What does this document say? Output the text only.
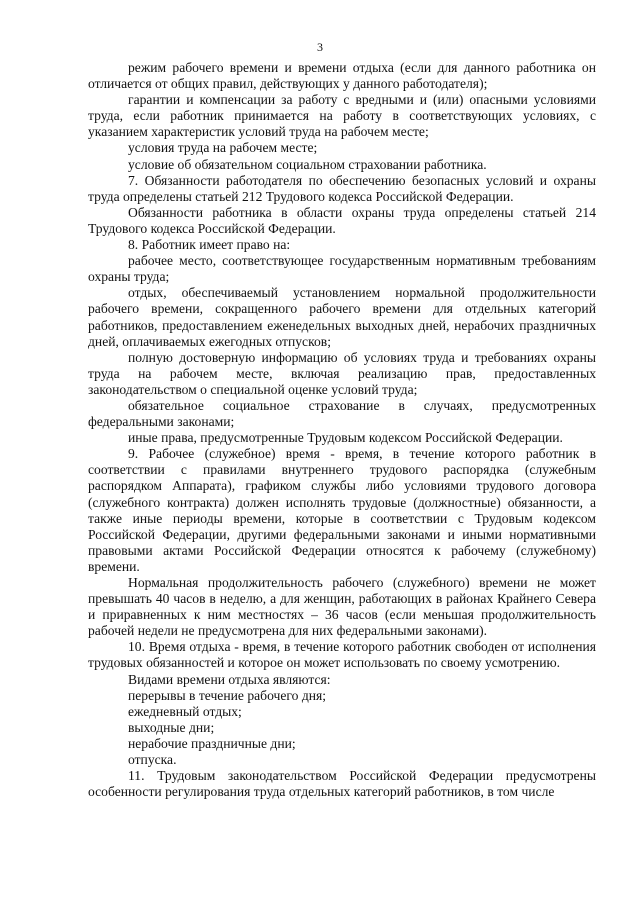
3

режим рабочего времени и времени отдыха (если для данного работника он отличается от общих правил, действующих у данного работодателя);

гарантии и компенсации за работу с вредными и (или) опасными условиями труда, если работник принимается на работу в соответствующих условиях, с указанием характеристик условий труда на рабочем месте;

условия труда на рабочем месте;

условие об обязательном социальном страховании работника.

7. Обязанности работодателя по обеспечению безопасных условий и охраны труда определены статьей 212 Трудового кодекса Российской Федерации.

Обязанности работника в области охраны труда определены статьей 214 Трудового кодекса Российской Федерации.

8. Работник имеет право на:

рабочее место, соответствующее государственным нормативным требованиям охраны труда;

отдых, обеспечиваемый установлением нормальной продолжительности рабочего времени, сокращенного рабочего времени для отдельных категорий работников, предоставлением еженедельных выходных дней, нерабочих праздничных дней, оплачиваемых ежегодных отпусков;

полную достоверную информацию об условиях труда и требованиях охраны труда на рабочем месте, включая реализацию прав, предоставленных законодательством о специальной оценке условий труда;

обязательное социальное страхование в случаях, предусмотренных федеральными законами;

иные права, предусмотренные Трудовым кодексом Российской Федерации.

9. Рабочее (служебное) время - время, в течение которого работник в соответствии с правилами внутреннего трудового распорядка (служебным распорядком Аппарата), графиком службы либо условиями трудового договора (служебного контракта) должен исполнять трудовые (должностные) обязанности, а также иные периоды времени, которые в соответствии с Трудовым кодексом Российской Федерации, другими федеральными законами и иными нормативными правовыми актами Российской Федерации относятся к рабочему (служебному) времени.

Нормальная продолжительность рабочего (служебного) времени не может превышать 40 часов в неделю, а для женщин, работающих в районах Крайнего Севера и приравненных к ним местностях – 36 часов (если меньшая продолжительность рабочей недели не предусмотрена для них федеральными законами).

10. Время отдыха - время, в течение которого работник свободен от исполнения трудовых обязанностей и которое он может использовать по своему усмотрению.

Видами времени отдыха являются:

перерывы в течение рабочего дня;

ежедневный отдых;

выходные дни;

нерабочие праздничные дни;

отпуска.

11. Трудовым законодательством Российской Федерации предусмотрены особенности регулирования труда отдельных категорий работников, в том числе
